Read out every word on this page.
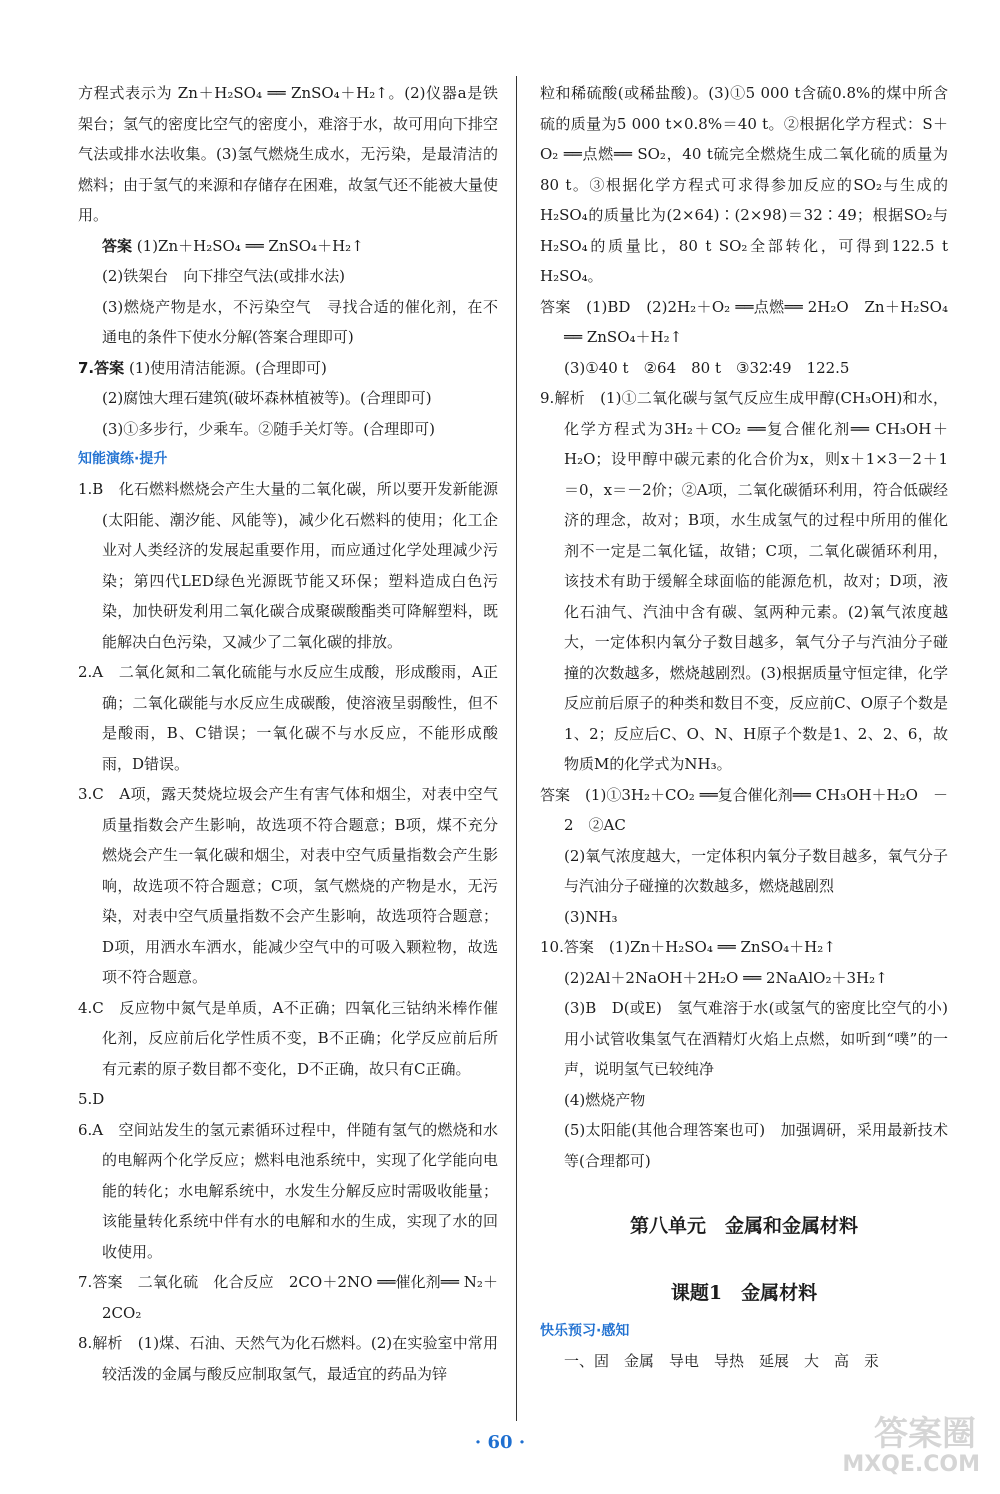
方程式表示为 Zn＋H₂SO₄ ══ ZnSO₄＋H₂↑。(2)仪器a是铁架台；氢气的密度比空气的密度小，难溶于水，故可用向下排空气法或排水法收集。(3)氢气燃烧生成水，无污染，是最清洁的燃料；由于氢气的来源和存储存在困难，故氢气还不能被大量使用。
答案 (1)Zn＋H₂SO₄ ══ ZnSO₄＋H₂↑
(2)铁架台　向下排空气法(或排水法)
(3)燃烧产物是水，不污染空气　寻找合适的催化剂，在不通电的条件下使水分解(答案合理即可)
7.答案 (1)使用清洁能源。(合理即可)
(2)腐蚀大理石建筑(破坏森林植被等)。(合理即可)
(3)①多步行，少乘车。②随手关灯等。(合理即可)
知能演练·提升
1.B　化石燃料燃烧会产生大量的二氧化碳，所以要开发新能源(太阳能、潮汐能、风能等)，减少化石燃料的使用；化工企业对人类经济的发展起重要作用，而应通过化学处理减少污染；第四代LED绿色光源既节能又环保；塑料造成白色污染，加快研发利用二氧化碳合成聚碳酸酯类可降解塑料，既能解决白色污染，又减少了二氧化碳的排放。
2.A　二氧化氮和二氧化硫能与水反应生成酸，形成酸雨，A正确；二氧化碳能与水反应生成碳酸，使溶液呈弱酸性，但不是酸雨，B、C错误；一氧化碳不与水反应，不能形成酸雨，D错误。
3.C　A项，露天焚烧垃圾会产生有害气体和烟尘，对表中空气质量指数会产生影响，故选项不符合题意；B项，煤不充分燃烧会产生一氧化碳和烟尘，对表中空气质量指数会产生影响，故选项不符合题意；C项，氢气燃烧的产物是水，无污染，对表中空气质量指数不会产生影响，故选项符合题意；D项，用洒水车洒水，能减少空气中的可吸入颗粒物，故选项不符合题意。
4.C　反应物中氮气是单质，A不正确；四氧化三钴纳米棒作催化剂，反应前后化学性质不变，B不正确；化学反应前后所有元素的原子数目都不变化，D不正确，故只有C正确。
5.D
6.A　空间站发生的氢元素循环过程中，伴随有氢气的燃烧和水的电解两个化学反应；燃料电池系统中，实现了化学能向电能的转化；水电解系统中，水发生分解反应时需吸收能量；该能量转化系统中伴有水的电解和水的生成，实现了水的回收使用。
7.答案　二氧化硫　化合反应　2CO＋2NO ══催化剂══ N₂＋2CO₂
8.解析　(1)煤、石油、天然气为化石燃料。(2)在实验室中常用较活泼的金属与酸反应制取氢气，最适宜的药品为锌
粒和稀硫酸(或稀盐酸)。(3)①5 000 t含硫0.8%的煤中所含硫的质量为5 000 t×0.8%＝40 t。②根据化学方程式：S＋O₂ ══点燃══ SO₂，40 t硫完全燃烧生成二氧化硫的质量为80 t。③根据化学方程式可求得参加反应的SO₂与生成的H₂SO₄的质量比为(2×64)∶(2×98)＝32∶49；根据SO₂与H₂SO₄的质量比，80 t SO₂全部转化，可得到122.5 t H₂SO₄。
答案　(1)BD　(2)2H₂＋O₂ ══点燃══ 2H₂O　Zn＋H₂SO₄ ══ ZnSO₄＋H₂↑
(3)①40 t　②64　80 t　③32∶49　122.5
9.解析　(1)①二氧化碳与氢气反应生成甲醇(CH₃OH)和水，化学方程式为3H₂＋CO₂ ══复合催化剂══ CH₃OH＋H₂O；设甲醇中碳元素的化合价为x，则x＋1×3－2＋1＝0，x＝－2价；②A项，二氧化碳循环利用，符合低碳经济的理念，故对；B项，水生成氢气的过程中所用的催化剂不一定是二氧化锰，故错；C项，二氧化碳循环利用，该技术有助于缓解全球面临的能源危机，故对；D项，液化石油气、汽油中含有碳、氢两种元素。(2)氧气浓度越大，一定体积内氧分子数目越多，氧气分子与汽油分子碰撞的次数越多，燃烧越剧烈。(3)根据质量守恒定律，化学反应前后原子的种类和数目不变，反应前C、O原子个数是1、2；反应后C、O、N、H原子个数是1、2、2、6，故物质M的化学式为NH₃。
答案　(1)①3H₂＋CO₂ ══复合催化剂══ CH₃OH＋H₂O　－2　②AC
(2)氧气浓度越大，一定体积内氧分子数目越多，氧气分子与汽油分子碰撞的次数越多，燃烧越剧烈
(3)NH₃
10.答案　(1)Zn＋H₂SO₄ ══ ZnSO₄＋H₂↑
(2)2Al＋2NaOH＋2H₂O ══ 2NaAlO₂＋3H₂↑
(3)B　D(或E)　氢气难溶于水(或氢气的密度比空气的小)　用小试管收集氢气在酒精灯火焰上点燃，如听到“噗”的一声，说明氢气已较纯净
(4)燃烧产物
(5)太阳能(其他合理答案也可)　加强调研，采用最新技术等(合理都可)
第八单元　金属和金属材料
课题1　金属材料
快乐预习·感知
一、固　金属　导电　导热　延展　大　高　汞
· 60 ·	答案圈
MXQE.COM
